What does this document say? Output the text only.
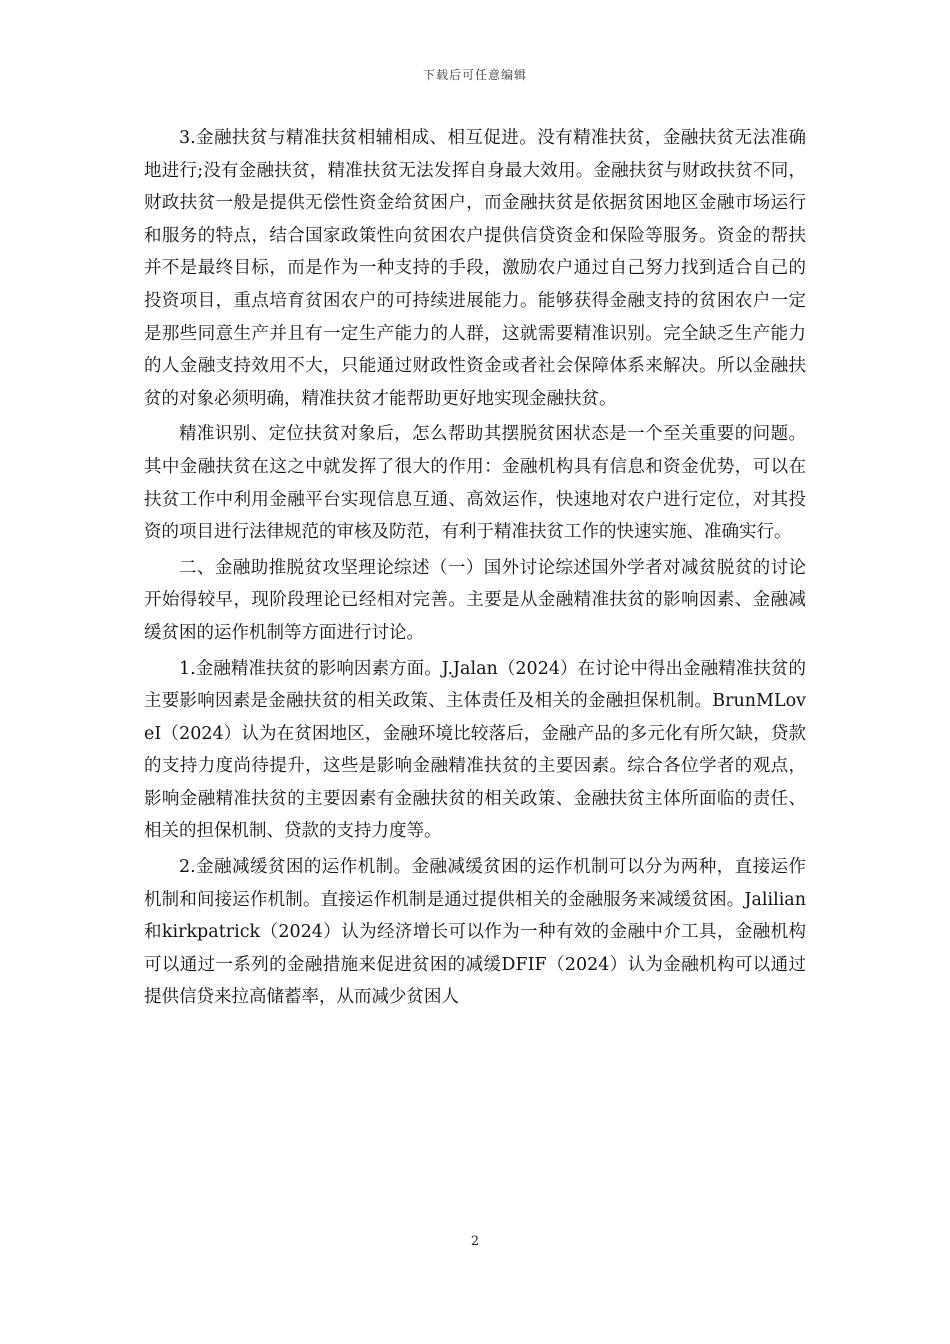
下载后可任意编辑

3.金融扶贫与精准扶贫相辅相成、相互促进。没有精准扶贫，金融扶贫无法准确地进行;没有金融扶贫，精准扶贫无法发挥自身最大效用。金融扶贫与财政扶贫不同，财政扶贫一般是提供无偿性资金给贫困户，而金融扶贫是依据贫困地区金融市场运行和服务的特点，结合国家政策性向贫困农户提供信贷资金和保险等服务。资金的帮扶并不是最终目标，而是作为一种支持的手段，激励农户通过自己努力找到适合自己的投资项目，重点培育贫困农户的可持续进展能力。能够获得金融支持的贫困农户一定是那些同意生产并且有一定生产能力的人群，这就需要精准识别。完全缺乏生产能力的人金融支持效用不大，只能通过财政性资金或者社会保障体系来解决。所以金融扶贫的对象必须明确，精准扶贫才能帮助更好地实现金融扶贫。

精准识别、定位扶贫对象后，怎么帮助其摆脱贫困状态是一个至关重要的问题。其中金融扶贫在这之中就发挥了很大的作用：金融机构具有信息和资金优势，可以在扶贫工作中利用金融平台实现信息互通、高效运作，快速地对农户进行定位，对其投资的项目进行法律规范的审核及防范，有利于精准扶贫工作的快速实施、准确实行。

二、金融助推脱贫攻坚理论综述（一）国外讨论综述国外学者对减贫脱贫的讨论开始得较早，现阶段理论已经相对完善。主要是从金融精准扶贫的影响因素、金融减缓贫困的运作机制等方面进行讨论。

1.金融精准扶贫的影响因素方面。J.Jalan（2024）在讨论中得出金融精准扶贫的主要影响因素是金融扶贫的相关政策、主体责任及相关的金融担保机制。BrunMLoveI（2024）认为在贫困地区，金融环境比较落后，金融产品的多元化有所欠缺，贷款的支持力度尚待提升，这些是影响金融精准扶贫的主要因素。综合各位学者的观点，影响金融精准扶贫的主要因素有金融扶贫的相关政策、金融扶贫主体所面临的责任、相关的担保机制、贷款的支持力度等。

2.金融减缓贫困的运作机制。金融减缓贫困的运作机制可以分为两种，直接运作机制和间接运作机制。直接运作机制是通过提供相关的金融服务来减缓贫困。Jalilian和kirkpatrick（2024）认为经济增长可以作为一种有效的金融中介工具，金融机构可以通过一系列的金融措施来促进贫困的减缓DFIF（2024）认为金融机构可以通过提供信贷来拉高储蓄率，从而减少贫困人

2
